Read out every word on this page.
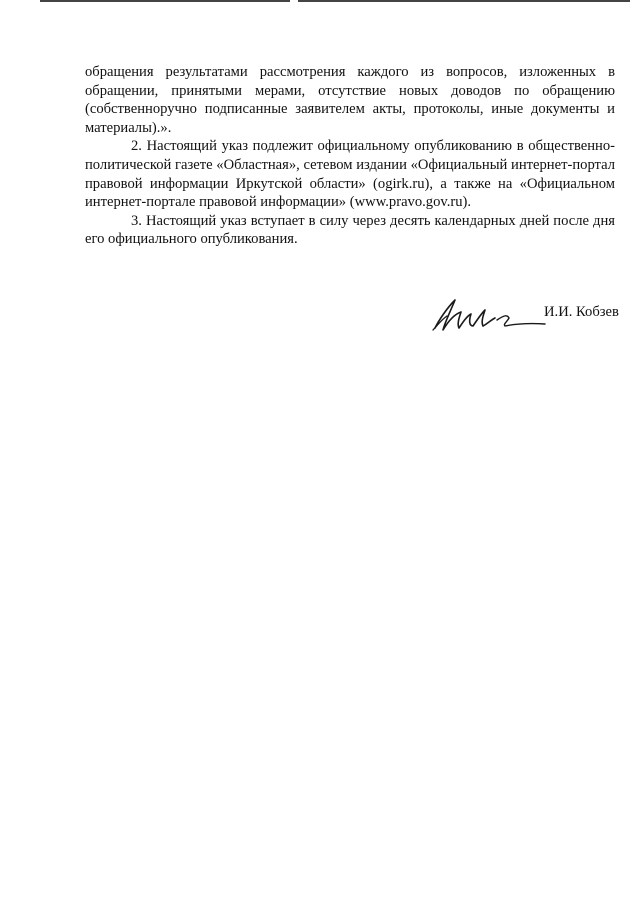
обращения результатами рассмотрения каждого из вопросов, изложенных в обращении, принятыми мерами, отсутствие новых доводов по обращению (собственноручно подписанные заявителем акты, протоколы, иные документы и материалы).».

2. Настоящий указ подлежит официальному опубликованию в общественно-политической газете «Областная», сетевом издании «Официальный интернет-портал правовой информации Иркутской области» (ogirk.ru), а также на «Официальном интернет-портале правовой информации» (www.pravo.gov.ru).

3. Настоящий указ вступает в силу через десять календарных дней после дня его официального опубликования.

И.И. Кобзев
